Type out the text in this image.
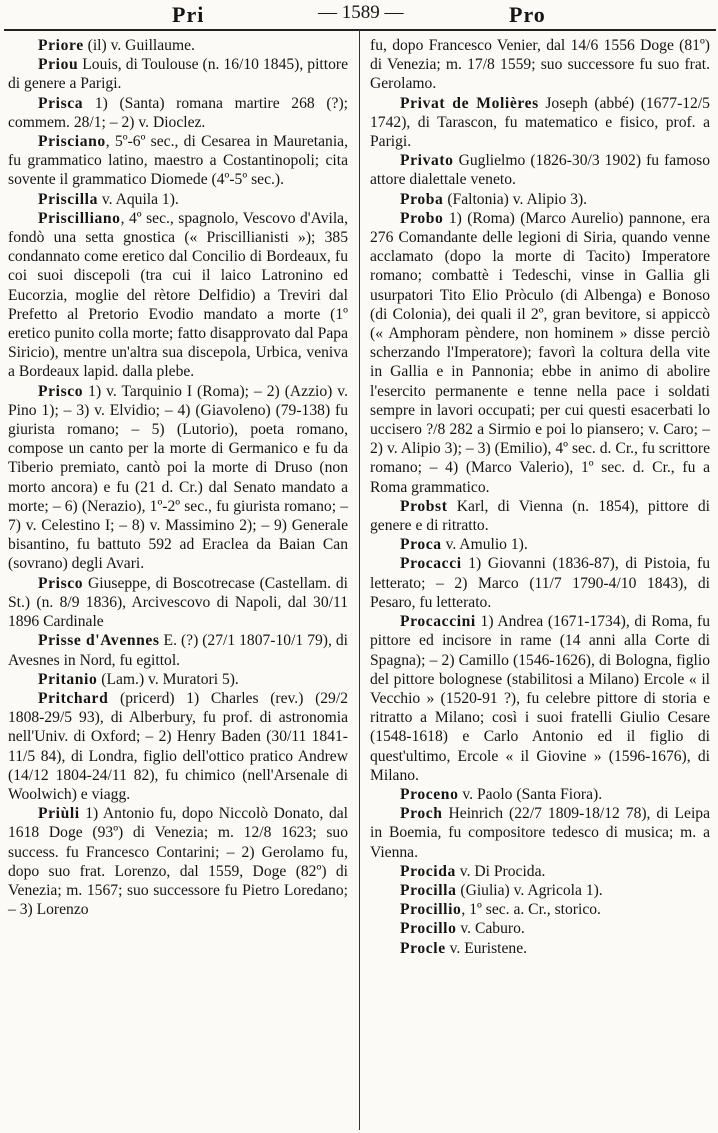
Pri	— 1589 —	Pro

Priore (il) v. Guillaume.

Priou Louis, di Toulouse (n. 16/10 1845), pittore di genere a Parigi.

Prisca 1) (Santa) romana martire 268 (?); commem. 28/1; – 2) v. Dioclez.

Prisciano, 5º-6º sec., di Cesarea in Mauretania, fu grammatico latino, maestro a Costantinopoli; cita sovente il grammatico Diomede (4º-5º sec.).

Priscilla v. Aquila 1).

Priscilliano, 4º sec., spagnolo, Vescovo d'Avila, fondò una setta gnostica (« Priscillianisti »); 385 condannato come eretico dal Concilio di Bordeaux, fu coi suoi discepoli (tra cui il laico Latronino ed Eucorzia, moglie del rètore Delfidio) a Treviri dal Prefetto al Pretorio Evodio mandato a morte (1º eretico punito colla morte; fatto disapprovato dal Papa Siricio), mentre un'altra sua discepola, Urbica, veniva a Bordeaux lapid. dalla plebe.

Prisco 1) v. Tarquinio I (Roma); – 2) (Azzio) v. Pino 1); – 3) v. Elvidio; – 4) (Giavoleno) (79-138) fu giurista romano; – 5) (Lutorio), poeta romano, compose un canto per la morte di Germanico e fu da Tiberio premiato, cantò poi la morte di Druso (non morto ancora) e fu (21 d. Cr.) dal Senato mandato a morte; – 6) (Nerazio), 1º-2º sec., fu giurista romano; – 7) v. Celestino I; – 8) v. Massimino 2); – 9) Generale bisantino, fu battuto 592 ad Eraclea da Baian Can (sovrano) degli Avari.

Prisco Giuseppe, di Boscotrecase (Castellam. di St.) (n. 8/9 1836), Arcivescovo di Napoli, dal 30/11 1896 Cardinale

Prisse d'Avennes E. (?) (27/1 1807-10/1 79), di Avesnes in Nord, fu egittol.

Pritanio (Lam.) v. Muratori 5).

Pritchard (pricerd) 1) Charles (rev.) (29/2 1808-29/5 93), di Alberbury, fu prof. di astronomia nell'Univ. di Oxford; – 2) Henry Baden (30/11 1841-11/5 84), di Londra, figlio dell'ottico pratico Andrew (14/12 1804-24/11 82), fu chimico (nell'Arsenale di Woolwich) e viagg.

Priùli 1) Antonio fu, dopo Niccolò Donato, dal 1618 Doge (93º) di Venezia; m. 12/8 1623; suo success. fu Francesco Contarini; – 2) Gerolamo fu, dopo suo frat. Lorenzo, dal 1559, Doge (82º) di Venezia; m. 1567; suo successore fu Pietro Loredano; – 3) Lorenzo

fu, dopo Francesco Venier, dal 14/6 1556 Doge (81º) di Venezia; m. 17/8 1559; suo successore fu suo frat. Gerolamo.

Privat de Molières Joseph (abbé) (1677-12/5 1742), di Tarascon, fu matematico e fisico, prof. a Parigi.

Privato Guglielmo (1826-30/3 1902) fu famoso attore dialettale veneto.

Proba (Faltonia) v. Alipio 3).

Probo 1) (Roma) (Marco Aurelio) pannone, era 276 Comandante delle legioni di Siria, quando venne acclamato (dopo la morte di Tacito) Imperatore romano; combattè i Tedeschi, vinse in Gallia gli usurpatori Tito Elio Pròculo (di Albenga) e Bonoso (di Colonia), dei quali il 2º, gran bevitore, si appiccò (« Amphoram pèndere, non hominem » disse perciò scherzando l'Imperatore); favorì la coltura della vite in Gallia e in Pannonia; ebbe in animo di abolire l'esercito permanente e tenne nella pace i soldati sempre in lavori occupati; per cui questi esacerbati lo uccisero ?/8 282 a Sirmio e poi lo piansero; v. Caro; – 2) v. Alipio 3); – 3) (Emilio), 4º sec. d. Cr., fu scrittore romano; – 4) (Marco Valerio), 1º sec. d. Cr., fu a Roma grammatico.

Probst Karl, di Vienna (n. 1854), pittore di genere e di ritratto.

Proca v. Amulio 1).

Procacci 1) Giovanni (1836-87), di Pistoia, fu letterato; – 2) Marco (11/7 1790-4/10 1843), di Pesaro, fu letterato.

Procaccini 1) Andrea (1671-1734), di Roma, fu pittore ed incisore in rame (14 anni alla Corte di Spagna); – 2) Camillo (1546-1626), di Bologna, figlio del pittore bolognese (stabilitosi a Milano) Ercole « il Vecchio » (1520-91 ?), fu celebre pittore di storia e ritratto a Milano; così i suoi fratelli Giulio Cesare (1548-1618) e Carlo Antonio ed il figlio di quest'ultimo, Ercole « il Giovine » (1596-1676), di Milano.

Proceno v. Paolo (Santa Fiora).

Proch Heinrich (22/7 1809-18/12 78), di Leipa in Boemia, fu compositore tedesco di musica; m. a Vienna.

Procida v. Di Procida.

Procilla (Giulia) v. Agricola 1).

Procillio, 1º sec. a. Cr., storico.

Procillo v. Caburo.

Procle v. Euristene.
